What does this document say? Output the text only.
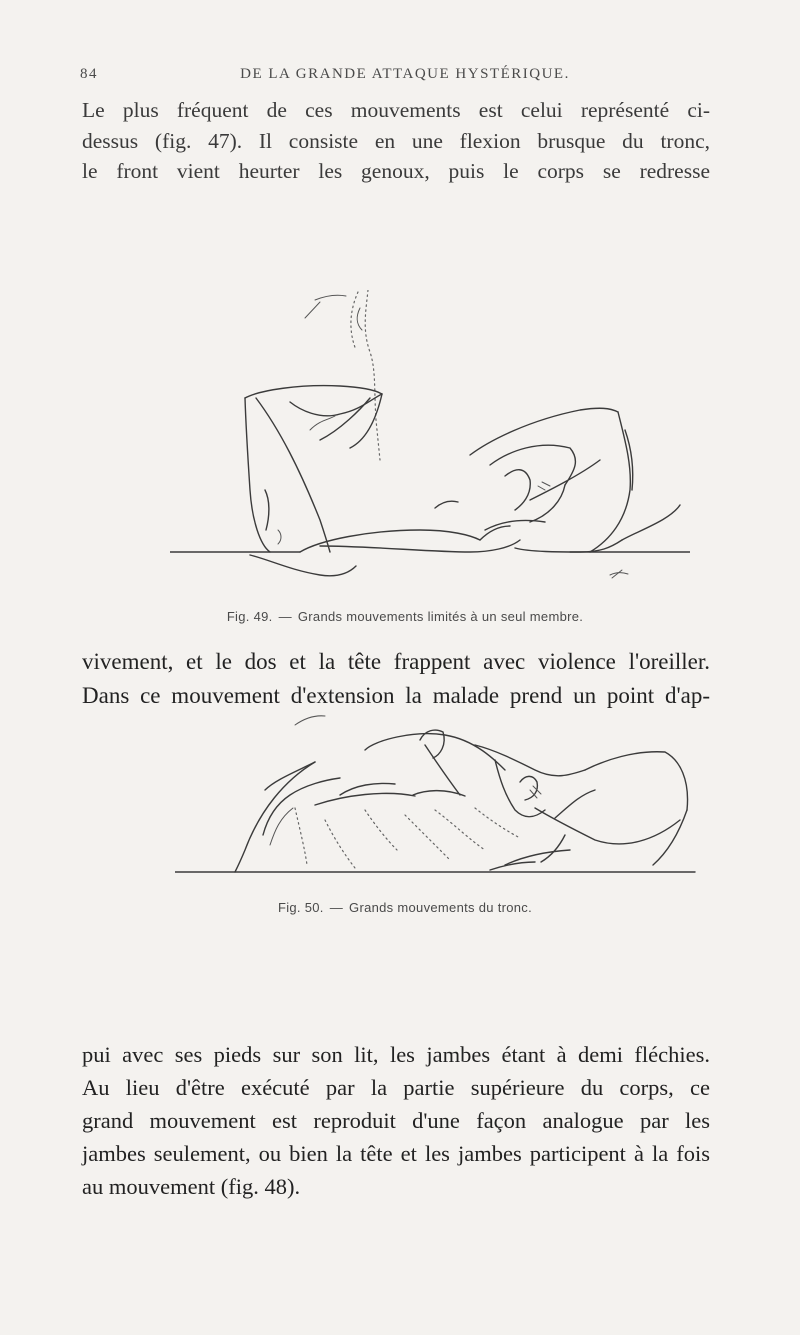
84	DE LA GRANDE ATTAQUE HYSTÉRIQUE.
Le plus fréquent de ces mouvements est celui représenté ci-
dessus (fig. 47). Il consiste en une flexion brusque du tronc,
le front vient heurter les genoux, puis le corps se redresse
Fig. 49. — Grands mouvements limités à un seul membre.
vivement, et le dos et la tête frappent avec violence l'oreiller.
Dans ce mouvement d'extension la malade prend un point d'ap-
Fig. 50. — Grands mouvements du tronc.
pui avec ses pieds sur son lit, les jambes étant à demi fléchies.
Au lieu d'être exécuté par la partie supérieure du corps, ce
grand mouvement est reproduit d'une façon analogue par les
jambes seulement, ou bien la tête et les jambes participent à la fois
au mouvement (fig. 48).
